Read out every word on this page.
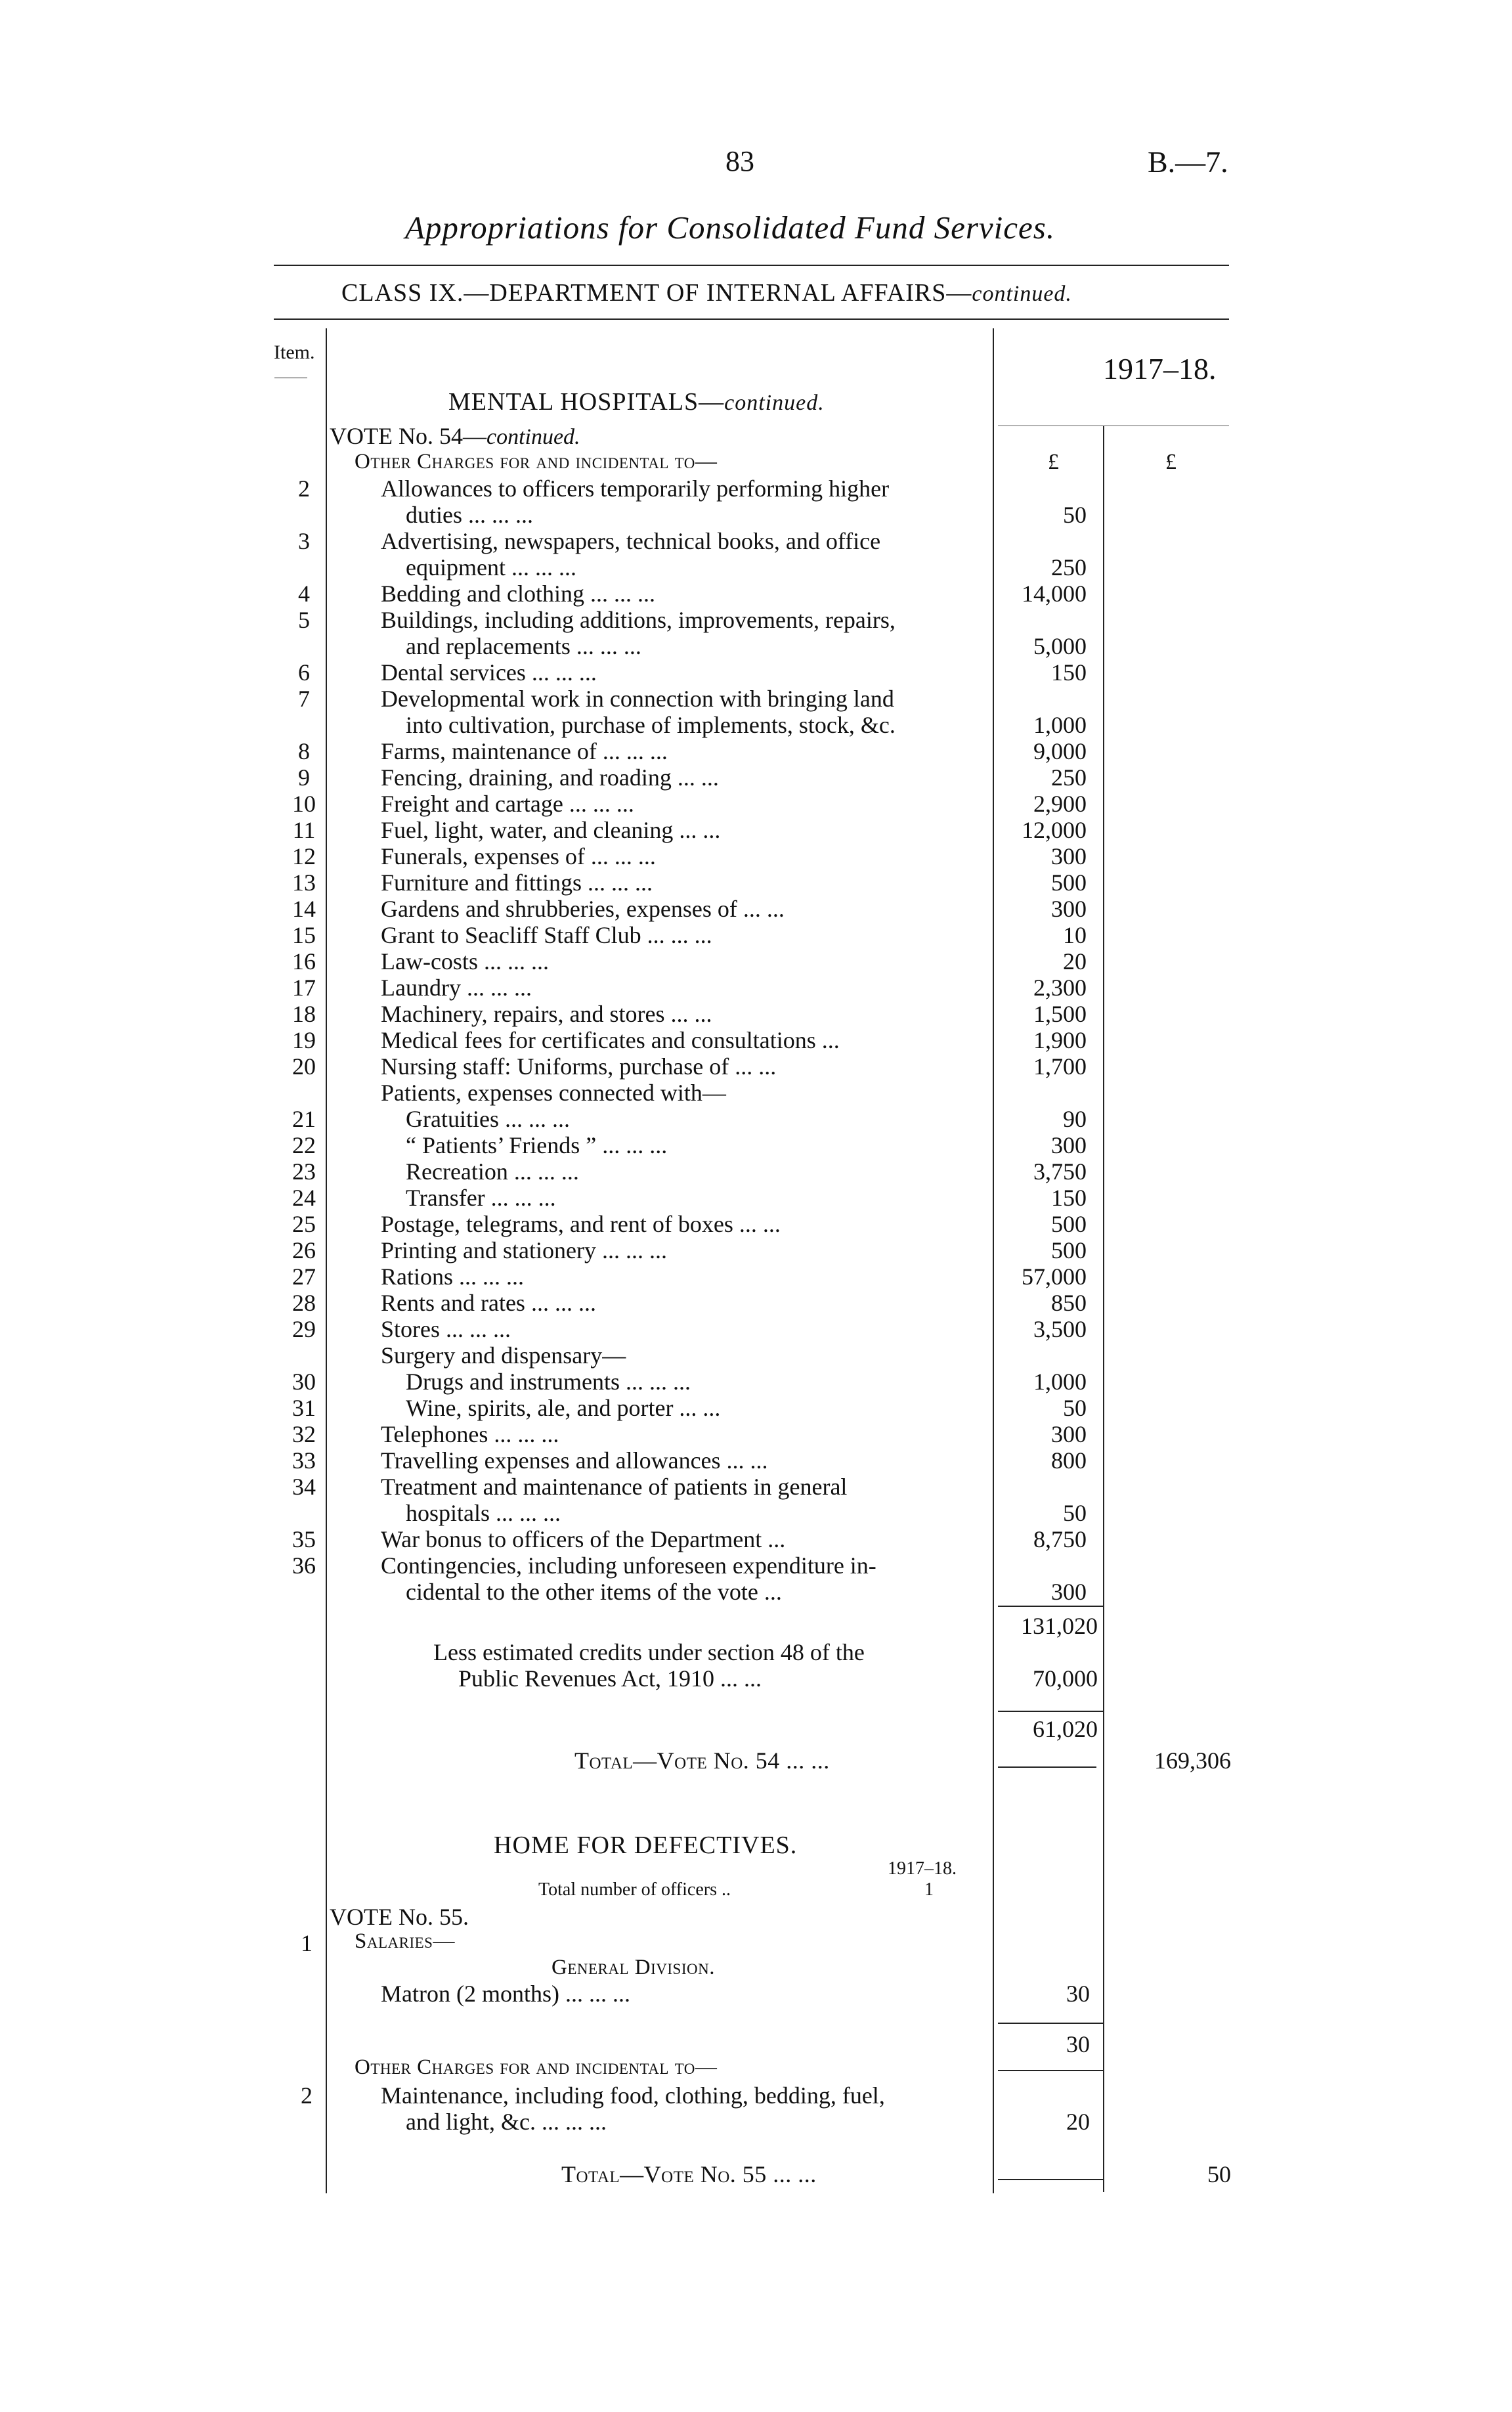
83	B.—7.
Appropriations for Consolidated Fund Services.
CLASS IX.—DEPARTMENT OF INTERNAL AFFAIRS—continued.
Item.	1917–18.
MENTAL HOSPITALS—continued.
VOTE No. 54—continued.
Other Charges for and incidental to—	£	£
2	Allowances to officers temporarily performing higher
duties ... ... ...	50
3	Advertising, newspapers, technical books, and office
equipment ... ... ...	250
4	Bedding and clothing ... ... ...	14,000
5	Buildings, including additions, improvements, repairs,
and replacements ... ... ...	5,000
6	Dental services ... ... ...	150
7	Developmental work in connection with bringing land
into cultivation, purchase of implements, stock, &c.	1,000
8	Farms, maintenance of ... ... ...	9,000
9	Fencing, draining, and roading ... ...	250
10	Freight and cartage ... ... ...	2,900
11	Fuel, light, water, and cleaning ... ...	12,000
12	Funerals, expenses of ... ... ...	300
13	Furniture and fittings ... ... ...	500
14	Gardens and shrubberies, expenses of ... ...	300
15	Grant to Seacliff Staff Club ... ... ...	10
16	Law-costs ... ... ...	20
17	Laundry ... ... ...	2,300
18	Machinery, repairs, and stores ... ...	1,500
19	Medical fees for certificates and consultations ...	1,900
20	Nursing staff: Uniforms, purchase of ... ...	1,700
Patients, expenses connected with—
21	Gratuities ... ... ...	90
22	“ Patients’ Friends ” ... ... ...	300
23	Recreation ... ... ...	3,750
24	Transfer ... ... ...	150
25	Postage, telegrams, and rent of boxes ... ...	500
26	Printing and stationery ... ... ...	500
27	Rations ... ... ...	57,000
28	Rents and rates ... ... ...	850
29	Stores ... ... ...	3,500
Surgery and dispensary—
30	Drugs and instruments ... ... ...	1,000
31	Wine, spirits, ale, and porter ... ...	50
32	Telephones ... ... ...	300
33	Travelling expenses and allowances ... ...	800
34	Treatment and maintenance of patients in general
hospitals ... ... ...	50
35	War bonus to officers of the Department ...	8,750
36	Contingencies, including unforeseen expenditure in-
cidental to the other items of the vote ...	300
131,020
Less estimated credits under section 48 of the
Public Revenues Act, 1910 ... ...	70,000
61,020
Total—Vote No. 54 ... ...	169,306
HOME FOR DEFECTIVES.
1917–18.
Total number of officers ..	1
VOTE No. 55.
1 Salaries—
General Division.
Matron (2 months) ... ... ...	30
30
Other Charges for and incidental to—
2	Maintenance, including food, clothing, bedding, fuel,
and light, &c. ... ... ...	20
Total—Vote No. 55 ... ...	50
